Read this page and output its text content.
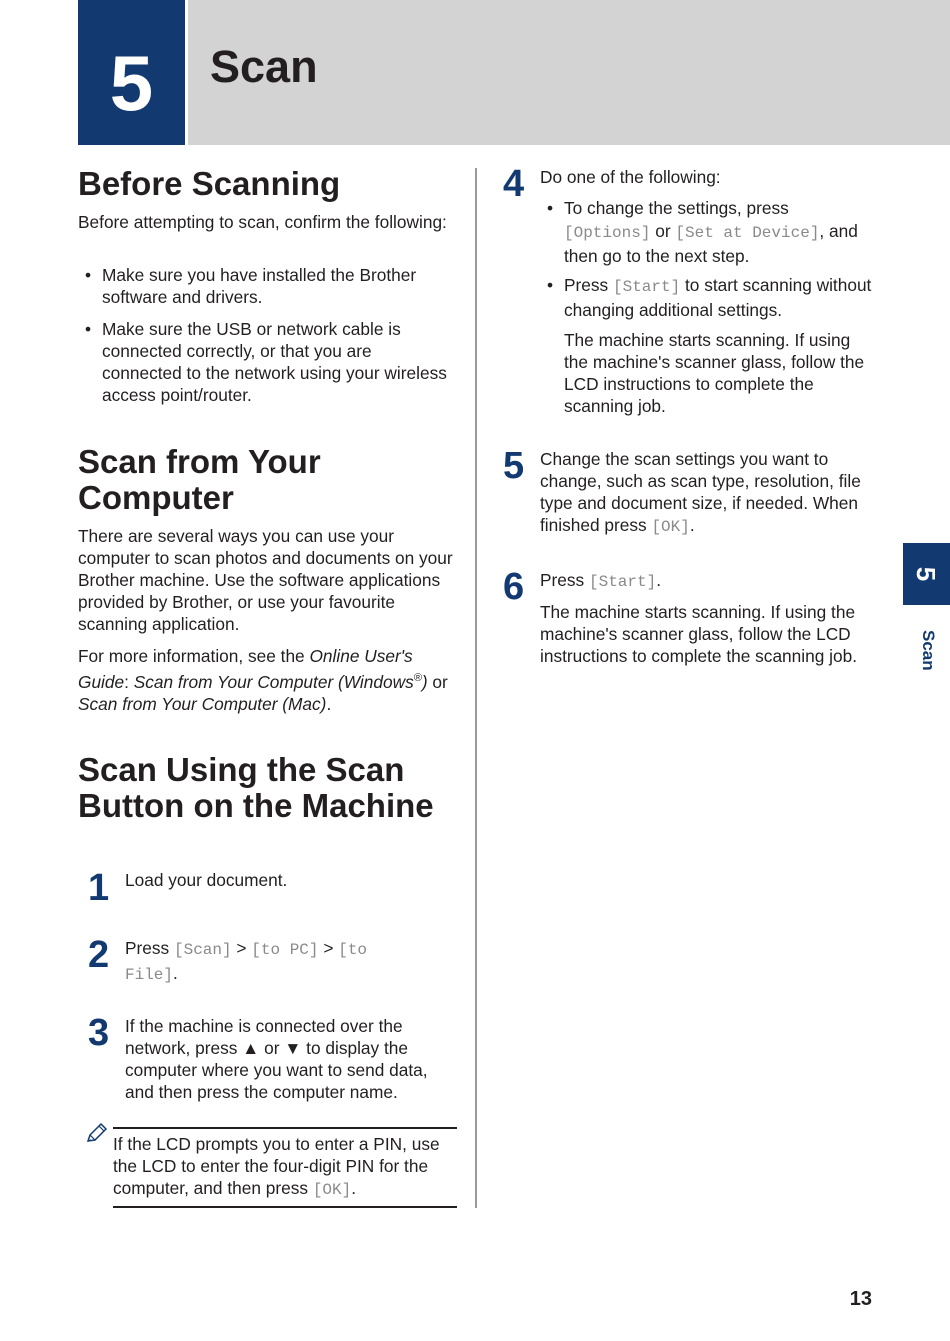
5	Scan
Before Scanning

Before attempting to scan, confirm the following:

• Make sure you have installed the Brother software and drivers.

• Make sure the USB or network cable is connected correctly, or that you are connected to the network using your wireless access point/router.

Scan from Your Computer

There are several ways you can use your computer to scan photos and documents on your Brother machine. Use the software applications provided by Brother, or use your favourite scanning application.

For more information, see the Online User's Guide: Scan from Your Computer (Windows®) or Scan from Your Computer (Mac).

Scan Using the Scan Button on the Machine
1 Load your document.

2 Press [Scan] > [to PC] > [to File].

3 If the machine is connected over the network, press ▲ or ▼ to display the computer where you want to send data, and then press the computer name.

If the LCD prompts you to enter a PIN, use the LCD to enter the four-digit PIN for the computer, and then press [OK].

4 Do one of the following:

• To change the settings, press [Options] or [Set at Device], and then go to the next step.

• Press [Start] to start scanning without changing additional settings.

The machine starts scanning. If using the machine's scanner glass, follow the LCD instructions to complete the scanning job.

5 Change the scan settings you want to change, such as scan type, resolution, file type and document size, if needed. When finished press [OK].

6 Press [Start].

The machine starts scanning. If using the machine's scanner glass, follow the LCD instructions to complete the scanning job.

5
Scan
13
